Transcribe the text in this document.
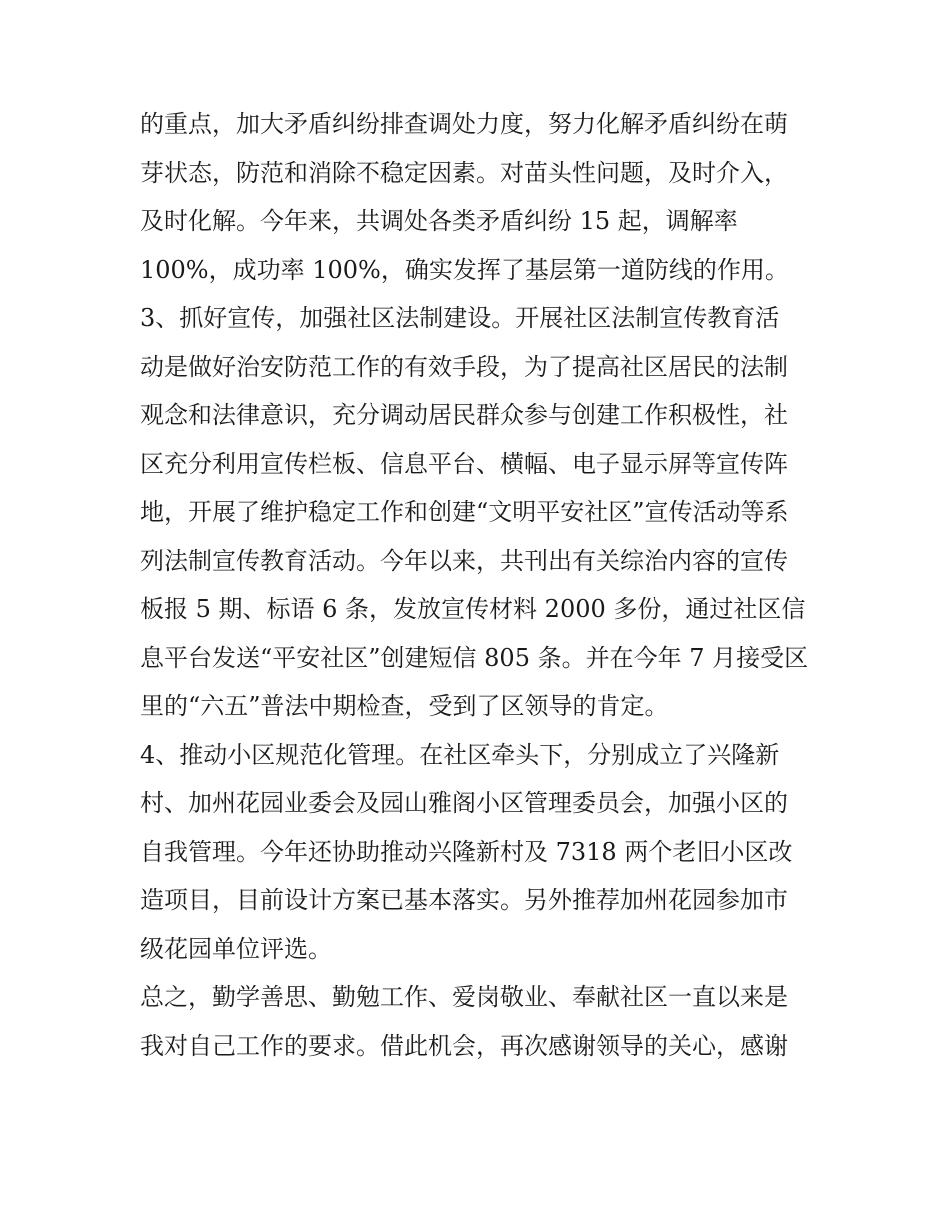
的重点，加大矛盾纠纷排查调处力度，努力化解矛盾纠纷在萌
芽状态，防范和消除不稳定因素。对苗头性问题，及时介入，
及时化解。今年来，共调处各类矛盾纠纷 15 起，调解率
100%，成功率 100%，确实发挥了基层第一道防线的作用。
3、抓好宣传，加强社区法制建设。开展社区法制宣传教育活
动是做好治安防范工作的有效手段，为了提高社区居民的法制
观念和法律意识，充分调动居民群众参与创建工作积极性，社
区充分利用宣传栏板、信息平台、横幅、电子显示屏等宣传阵
地，开展了维护稳定工作和创建“文明平安社区”宣传活动等系
列法制宣传教育活动。今年以来，共刊出有关综治内容的宣传
板报 5 期、标语 6 条，发放宣传材料 2000 多份，通过社区信
息平台发送“平安社区”创建短信 805 条。并在今年 7 月接受区
里的“六五”普法中期检查，受到了区领导的肯定。
4、推动小区规范化管理。在社区牵头下，分别成立了兴隆新
村、加州花园业委会及园山雅阁小区管理委员会，加强小区的
自我管理。今年还协助推动兴隆新村及 7318 两个老旧小区改
造项目，目前设计方案已基本落实。另外推荐加州花园参加市
级花园单位评选。
总之，勤学善思、勤勉工作、爱岗敬业、奉献社区一直以来是
我对自己工作的要求。借此机会，再次感谢领导的关心，感谢
